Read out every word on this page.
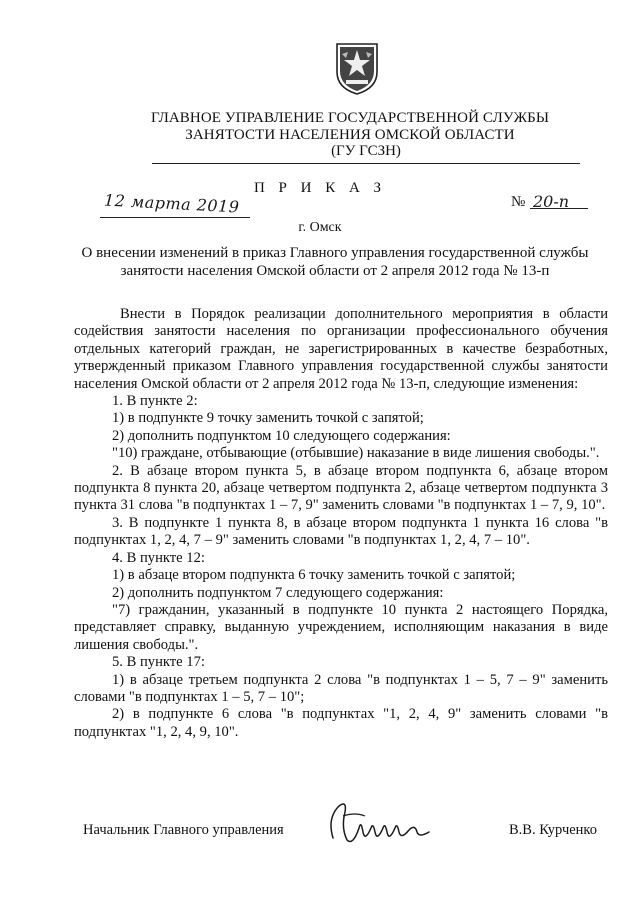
ГЛАВНОЕ УПРАВЛЕНИЕ ГОСУДАРСТВЕННОЙ СЛУЖБЫ
ЗАНЯТОСТИ НАСЕЛЕНИЯ ОМСКОЙ ОБЛАСТИ
(ГУ ГСЗН)
П Р И К А З
12 марта 2019	№ 20-п
г. Омск
О внесении изменений в приказ Главного управления государственной службы занятости населения Омской области от 2 апреля 2012 года № 13-п

Внести в Порядок реализации дополнительного мероприятия в области содействия занятости населения по организации профессионального обучения отдельных категорий граждан, не зарегистрированных в качестве безработных, утвержденный приказом Главного управления государственной службы занятости населения Омской области от 2 апреля 2012 года № 13-п, следующие изменения:

1. В пункте 2:

1) в подпункте 9 точку заменить точкой с запятой;

2) дополнить подпунктом 10 следующего содержания:

"10) граждане, отбывающие (отбывшие) наказание в виде лишения свободы.".

2. В абзаце втором пункта 5, в абзаце втором подпункта 6, абзаце втором подпункта 8 пункта 20, абзаце четвертом подпункта 2, абзаце четвертом подпункта 3 пункта 31 слова "в подпунктах 1 – 7, 9" заменить словами "в подпунктах 1 – 7, 9, 10".

3. В подпункте 1 пункта 8, в абзаце втором подпункта 1 пункта 16 слова "в подпунктах 1, 2, 4, 7 – 9" заменить словами "в подпунктах 1, 2, 4, 7 – 10".

4. В пункте 12:

1) в абзаце втором подпункта 6 точку заменить точкой с запятой;

2) дополнить подпунктом 7 следующего содержания:

"7) гражданин, указанный в подпункте 10 пункта 2 настоящего Порядка, представляет справку, выданную учреждением, исполняющим наказания в виде лишения свободы.".

5. В пункте 17:

1) в абзаце третьем подпункта 2 слова "в подпунктах 1 – 5, 7 – 9" заменить словами "в подпунктах 1 – 5, 7 – 10";

2) в подпункте 6 слова "в подпунктах "1, 2, 4, 9" заменить словами "в подпунктах "1, 2, 4, 9, 10".

Начальник Главного управления	В.В. Курченко
